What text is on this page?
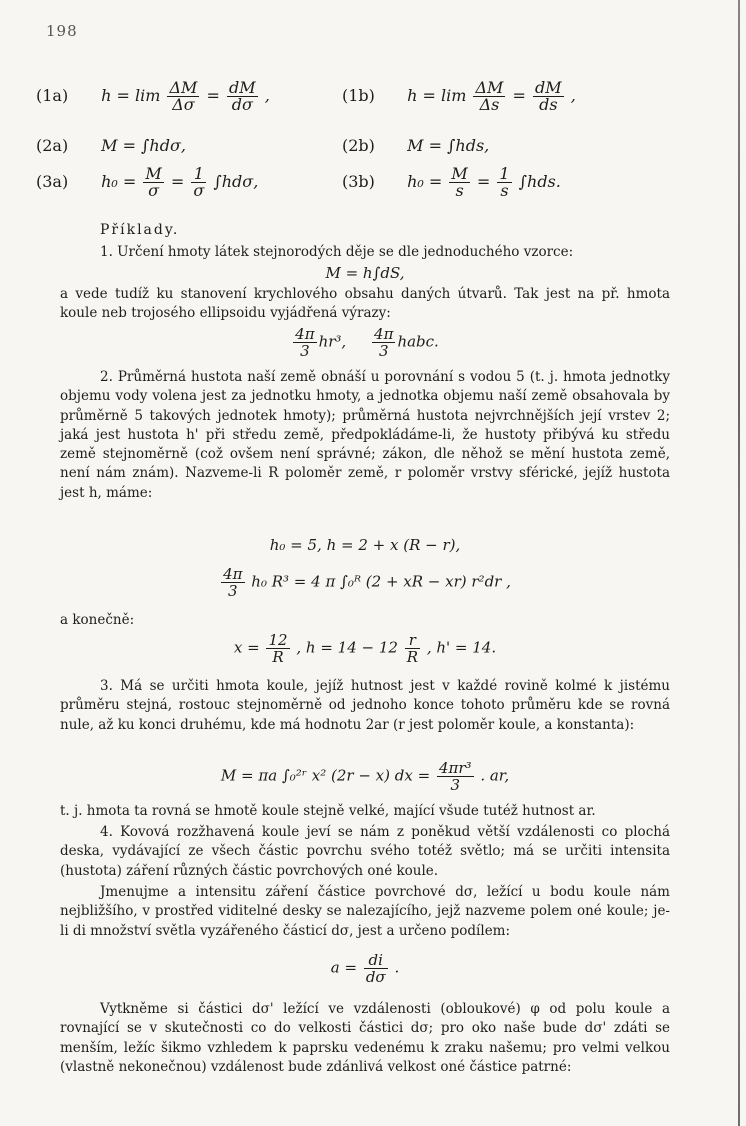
198
(1a) $h = \lim \frac{\Delta M}{\Delta\sigma} = \frac{dM}{d\sigma}$ ,	(1b) $h = \lim \frac{\Delta M}{\Delta s} = \frac{dM}{ds}$ ,
(2a) M = ∫hdσ,	(2b) M = ∫hds,
(3a) $h_0 = \frac{M}{\sigma} = \frac{1}{\sigma} \int hd\sigma$,	(3b) $h_0 = \frac{M}{s} = \frac{1}{s} \int hds$.
Příklady.
1. Určení hmoty látek stejnorodých děje se dle jednoduchého vzorce:
M = h∫dS,
a vede tudíž ku stanovení krychlového obsahu daných útvarů. Tak jest na př. hmota koule neb trojosého ellipsoidu vyjádřená výrazy:
$\frac{4\pi}{3} hr^3$, $\frac{4\pi}{3}$ habc.
2. Průměrná hustota naší země obnáší u porovnání s vodou 5 (t. j. hmota jednotky objemu vody volena jest za jednotku hmoty, a jednotka objemu naší země obsahovala by průměrně 5 takových jednotek hmoty); průměrná hustota nejvrchnějších její vrstev 2; jaká jest hustota h' při středu země, předpokládáme-li, že hustoty přibývá ku středu země stejnoměrně (což ovšem není správné; zákon, dle něhož se mění hustota země, není nám znám). Nazveme-li R poloměr země, r poloměr vrstvy sférické, jejíž hustota jest h, máme:
h₀ = 5, h = 2 + x (R − r),
$\frac{4\pi}{3} h_0$ R³ = 4 π ∫₀ᴿ (2 + xR − xr) r²dr ,
a konečně:
$x = \frac{12}{R}$ , $h = 14 - 12 \frac{r}{R}$ , h' = 14.
3. Má se určiti hmota koule, jejíž hutnost jest v každé rovině kolmé k jistému průměru stejná, rostouc stejnoměrně od jednoho konce tohoto průměru kde se rovná nule, až ku konci druhému, kde má hodnotu 2ar (r jest poloměr koule, a konstanta):
M = πa ∫₀²ʳ x² (2r − x) dx = $\frac{\text{4πr³}}{3}$ . ar,
t. j. hmota ta rovná se hmotě koule stejně velké, mající všude tutéž hutnost ar.
4. Kovová rozžhavená koule jeví se nám z poněkud větší vzdálenosti co plochá deska, vydávající ze všech částic povrchu svého totéž světlo; má se určiti intensita (hustota) záření různých částic povrchových oné koule.
Jmenujme a intensitu záření částice povrchové dσ, ležící u bodu koule nám nejbližšího, v prostřed viditelné desky se nalezajícího, jejž nazveme polem oné koule; je-li di množství světla vyzářeného částicí dσ, jest a určeno podílem:
$a = \frac{di}{d\sigma}$ .
Vytkněme si částici dσ' ležící ve vzdálenosti (obloukové) φ od polu koule a rovnající se v skutečnosti co do velkosti částici dσ; pro oko naše bude dσ' zdáti se menším, ležíc šikmo vzhledem k paprsku vedenému k zraku našemu; pro velmi velkou (vlastně nekonečnou) vzdálenost bude zdánlivá velkost oné částice patrné:
